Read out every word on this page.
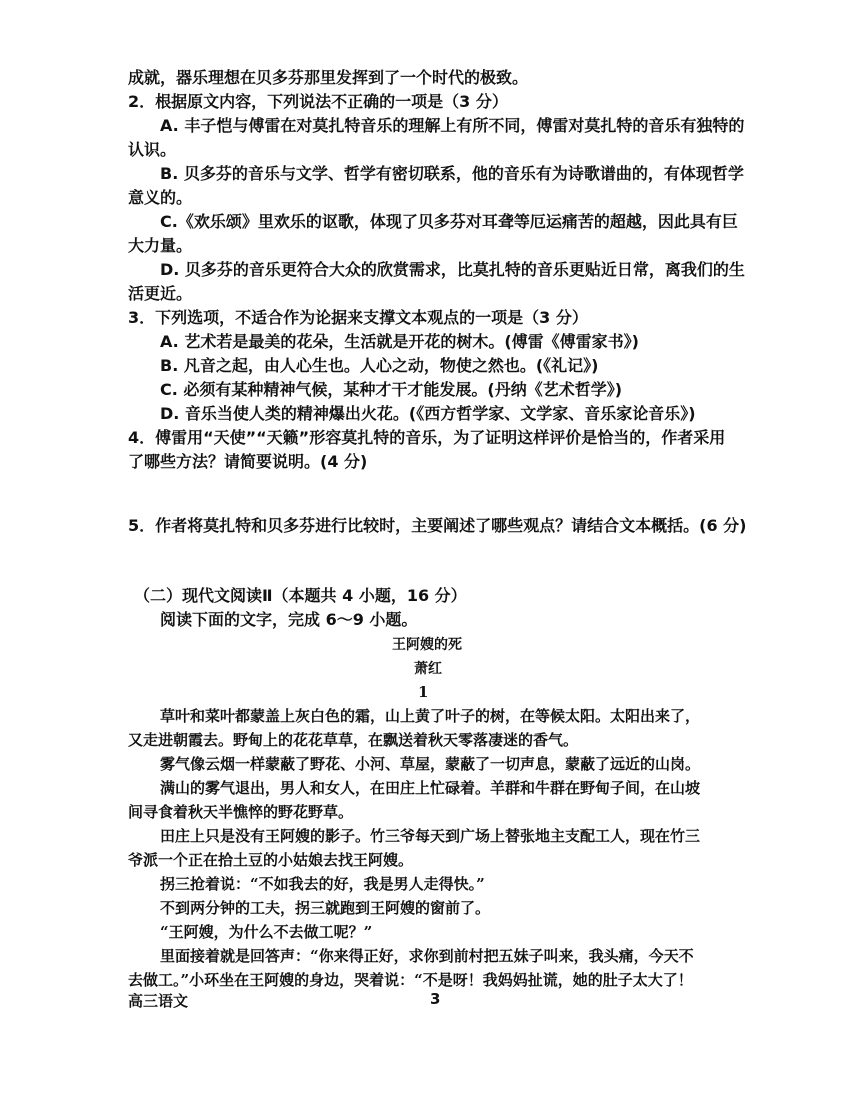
成就，器乐理想在贝多芬那里发挥到了一个时代的极致。
2．根据原文内容，下列说法不正确的一项是（3 分）
A. 丰子恺与傅雷在对莫扎特音乐的理解上有所不同，傅雷对莫扎特的音乐有独特的
认识。
B. 贝多芬的音乐与文学、哲学有密切联系，他的音乐有为诗歌谱曲的，有体现哲学
意义的。
C.《欢乐颂》里欢乐的讴歌，体现了贝多芬对耳聋等厄运痛苦的超越，因此具有巨
大力量。
D. 贝多芬的音乐更符合大众的欣赏需求，比莫扎特的音乐更贴近日常，离我们的生
活更近。
3．下列选项，不适合作为论据来支撑文本观点的一项是（3 分）
A. 艺术若是最美的花朵，生活就是开花的树木。(傅雷《傅雷家书》)
B. 凡音之起，由人心生也。人心之动，物使之然也。(《礼记》)
C. 必须有某种精神气候，某种才干才能发展。(丹纳《艺术哲学》)
D. 音乐当使人类的精神爆出火花。(《西方哲学家、文学家、音乐家论音乐》)
4．傅雷用“天使”“天籁”形容莫扎特的音乐，为了证明这样评价是恰当的，作者采用
了哪些方法？请简要说明。(4 分)
5．作者将莫扎特和贝多芬进行比较时，主要阐述了哪些观点？请结合文本概括。(6 分)
（二）现代文阅读Ⅱ（本题共 4 小题，16 分）
阅读下面的文字，完成 6～9 小题。
王阿嫂的死
萧红
1
草叶和菜叶都蒙盖上灰白色的霜，山上黄了叶子的树，在等候太阳。太阳出来了，
又走进朝霞去。野甸上的花花草草，在飘送着秋天零落凄迷的香气。
雾气像云烟一样蒙蔽了野花、小河、草屋，蒙蔽了一切声息，蒙蔽了远近的山岗。
满山的雾气退出，男人和女人，在田庄上忙碌着。羊群和牛群在野甸子间，在山坡
间寻食着秋天半憔悴的野花野草。
田庄上只是没有王阿嫂的影子。竹三爷每天到广场上替张地主支配工人，现在竹三
爷派一个正在拾土豆的小姑娘去找王阿嫂。
拐三抢着说：“不如我去的好，我是男人走得快。”
不到两分钟的工夫，拐三就跑到王阿嫂的窗前了。
“王阿嫂，为什么不去做工呢？”
里面接着就是回答声：“你来得正好，求你到前村把五妹子叫来，我头痛，今天不
去做工。”小环坐在王阿嫂的身边，哭着说：“不是呀！我妈妈扯谎，她的肚子太大了！
高三语文	3
